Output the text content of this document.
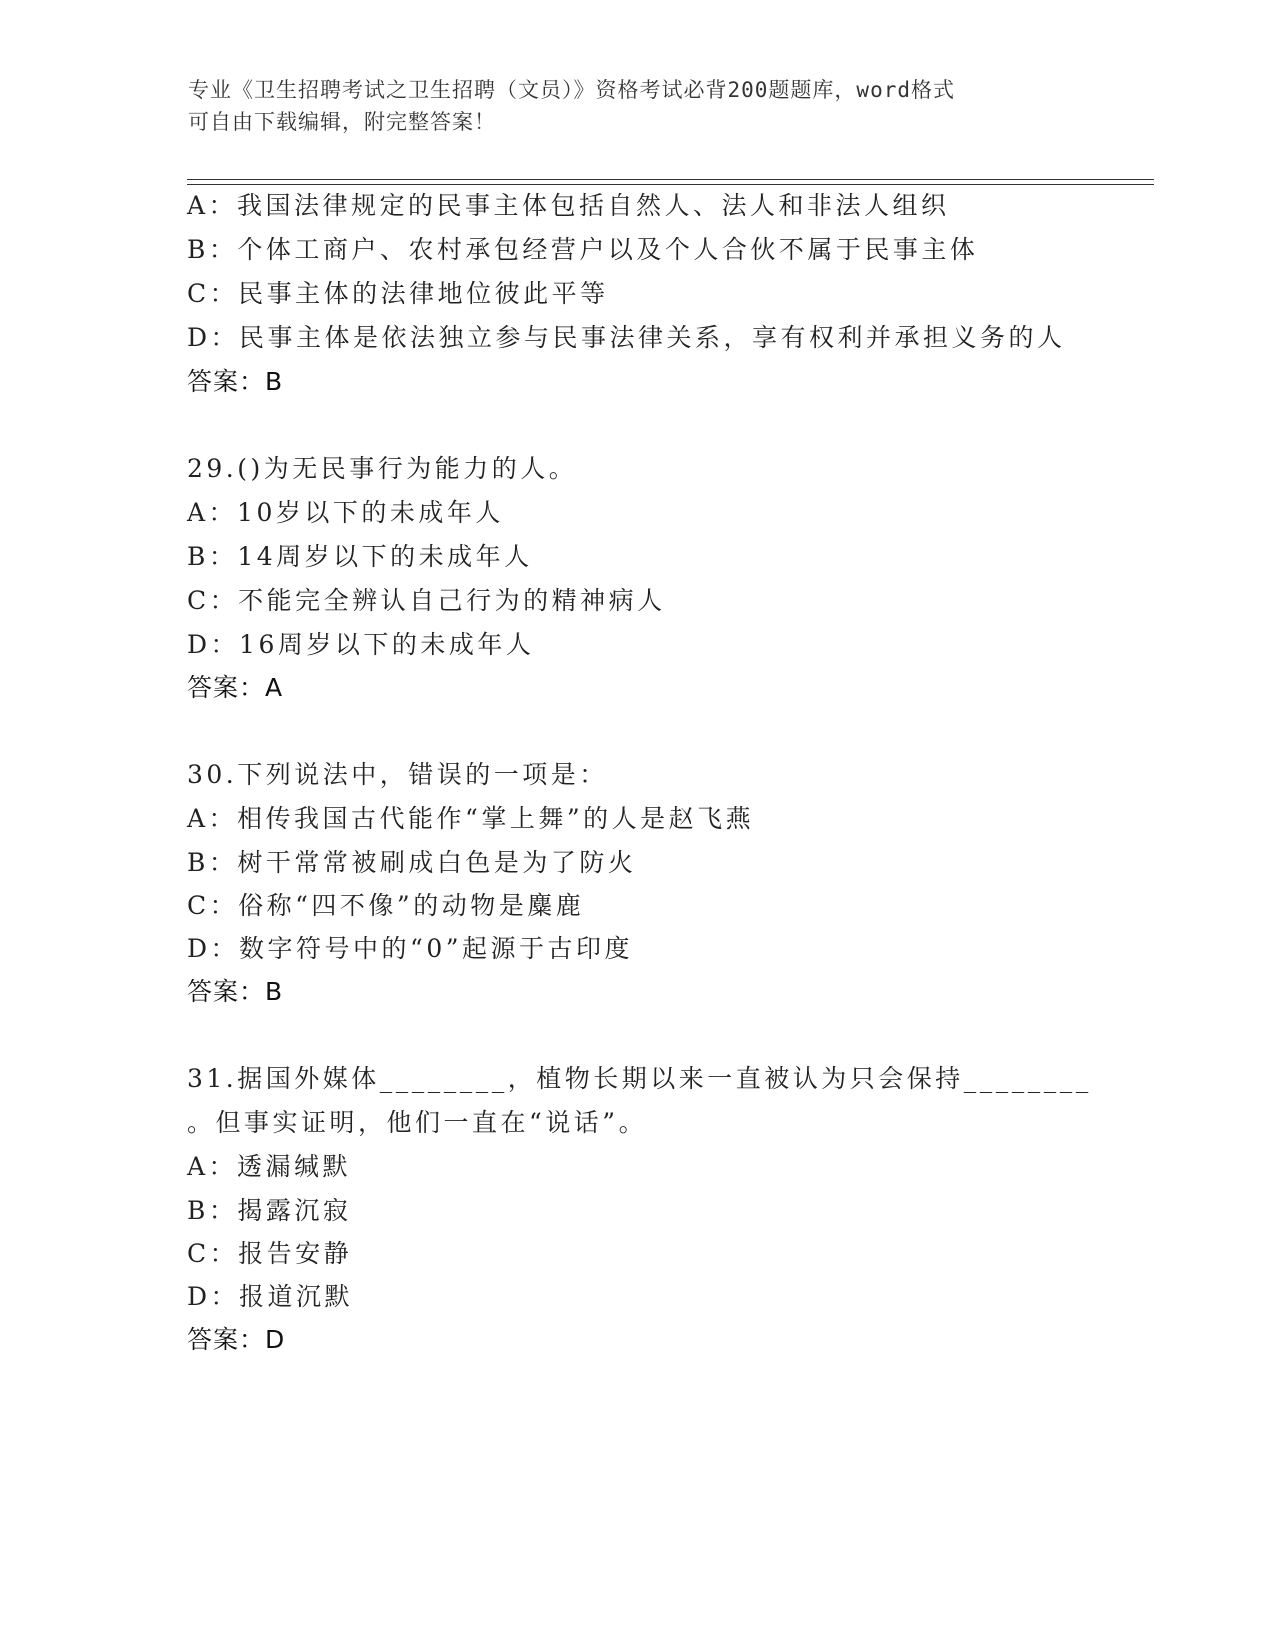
专业《卫生招聘考试之卫生招聘（文员）》资格考试必背200题题库，word格式
可自由下载编辑，附完整答案！
A：我国法律规定的民事主体包括自然人、法人和非法人组织
B：个体工商户、农村承包经营户以及个人合伙不属于民事主体
C：民事主体的法律地位彼此平等
D：民事主体是依法独立参与民事法律关系，享有权利并承担义务的人
答案：B
29.()为无民事行为能力的人。
A：10岁以下的未成年人
B：14周岁以下的未成年人
C：不能完全辨认自己行为的精神病人
D：16周岁以下的未成年人
答案：A
30.下列说法中，错误的一项是：
A：相传我国古代能作“掌上舞”的人是赵飞燕
B：树干常常被刷成白色是为了防火
C：俗称“四不像”的动物是麋鹿
D：数字符号中的“0”起源于古印度
答案：B
31.据国外媒体________，植物长期以来一直被认为只会保持________
。但事实证明，他们一直在“说话”。
A：透漏缄默
B：揭露沉寂
C：报告安静
D：报道沉默
答案：D
